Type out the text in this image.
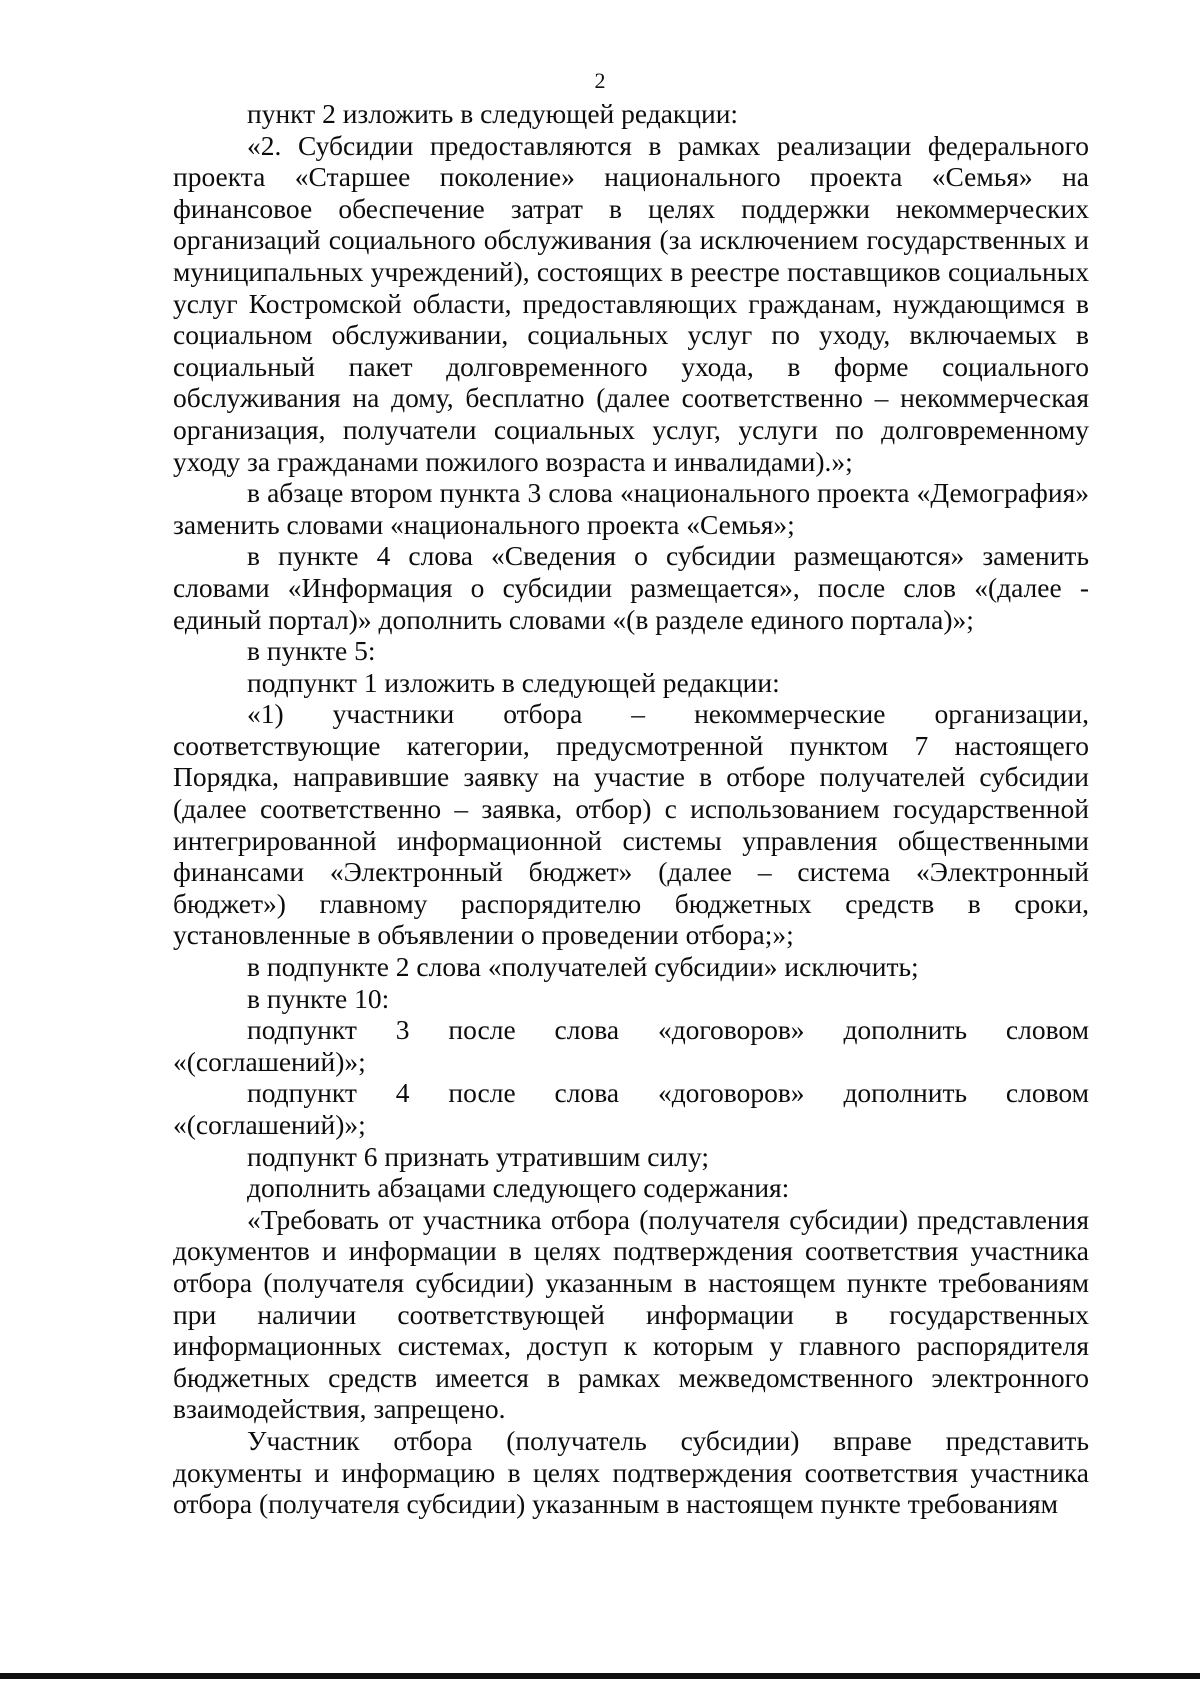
2

пункт 2 изложить в следующей редакции:

«2. Субсидии предоставляются в рамках реализации федерального проекта «Старшее поколение» национального проекта «Семья» на финансовое обеспечение затрат в целях поддержки некоммерческих организаций социального обслуживания (за исключением государственных и муниципальных учреждений), состоящих в реестре поставщиков социальных услуг Костромской области, предоставляющих гражданам, нуждающимся в социальном обслуживании, социальных услуг по уходу, включаемых в социальный пакет долговременного ухода, в форме социального обслуживания на дому, бесплатно (далее соответственно – некоммерческая организация, получатели социальных услуг, услуги по долговременному уходу за гражданами пожилого возраста и инвалидами).»;

в абзаце втором пункта 3 слова «национального проекта «Демография» заменить словами «национального проекта «Семья»;

в пункте 4 слова «Сведения о субсидии размещаются» заменить словами «Информация о субсидии размещается», после слов «(далее - единый портал)» дополнить словами «(в разделе единого портала)»;

в пункте 5:

подпункт 1 изложить в следующей редакции:

«1) участники отбора – некоммерческие организации, соответствующие категории, предусмотренной пунктом 7 настоящего Порядка, направившие заявку на участие в отборе получателей субсидии (далее соответственно – заявка, отбор) с использованием государственной интегрированной информационной системы управления общественными финансами «Электронный бюджет» (далее – система «Электронный бюджет») главному распорядителю бюджетных средств в сроки, установленные в объявлении о проведении отбора;»;

в подпункте 2 слова «получателей субсидии» исключить;

в пункте 10:

подпункт 3 после слова «договоров» дополнить словом «(соглашений)»;

подпункт 4 после слова «договоров» дополнить словом «(соглашений)»;

подпункт 6 признать утратившим силу;

дополнить абзацами следующего содержания:

«Требовать от участника отбора (получателя субсидии) представления документов и информации в целях подтверждения соответствия участника отбора (получателя субсидии) указанным в настоящем пункте требованиям при наличии соответствующей информации в государственных информационных системах, доступ к которым у главного распорядителя бюджетных средств имеется в рамках межведомственного электронного взаимодействия, запрещено.

Участник отбора (получатель субсидии) вправе представить документы и информацию в целях подтверждения соответствия участника отбора (получателя субсидии) указанным в настоящем пункте требованиям
